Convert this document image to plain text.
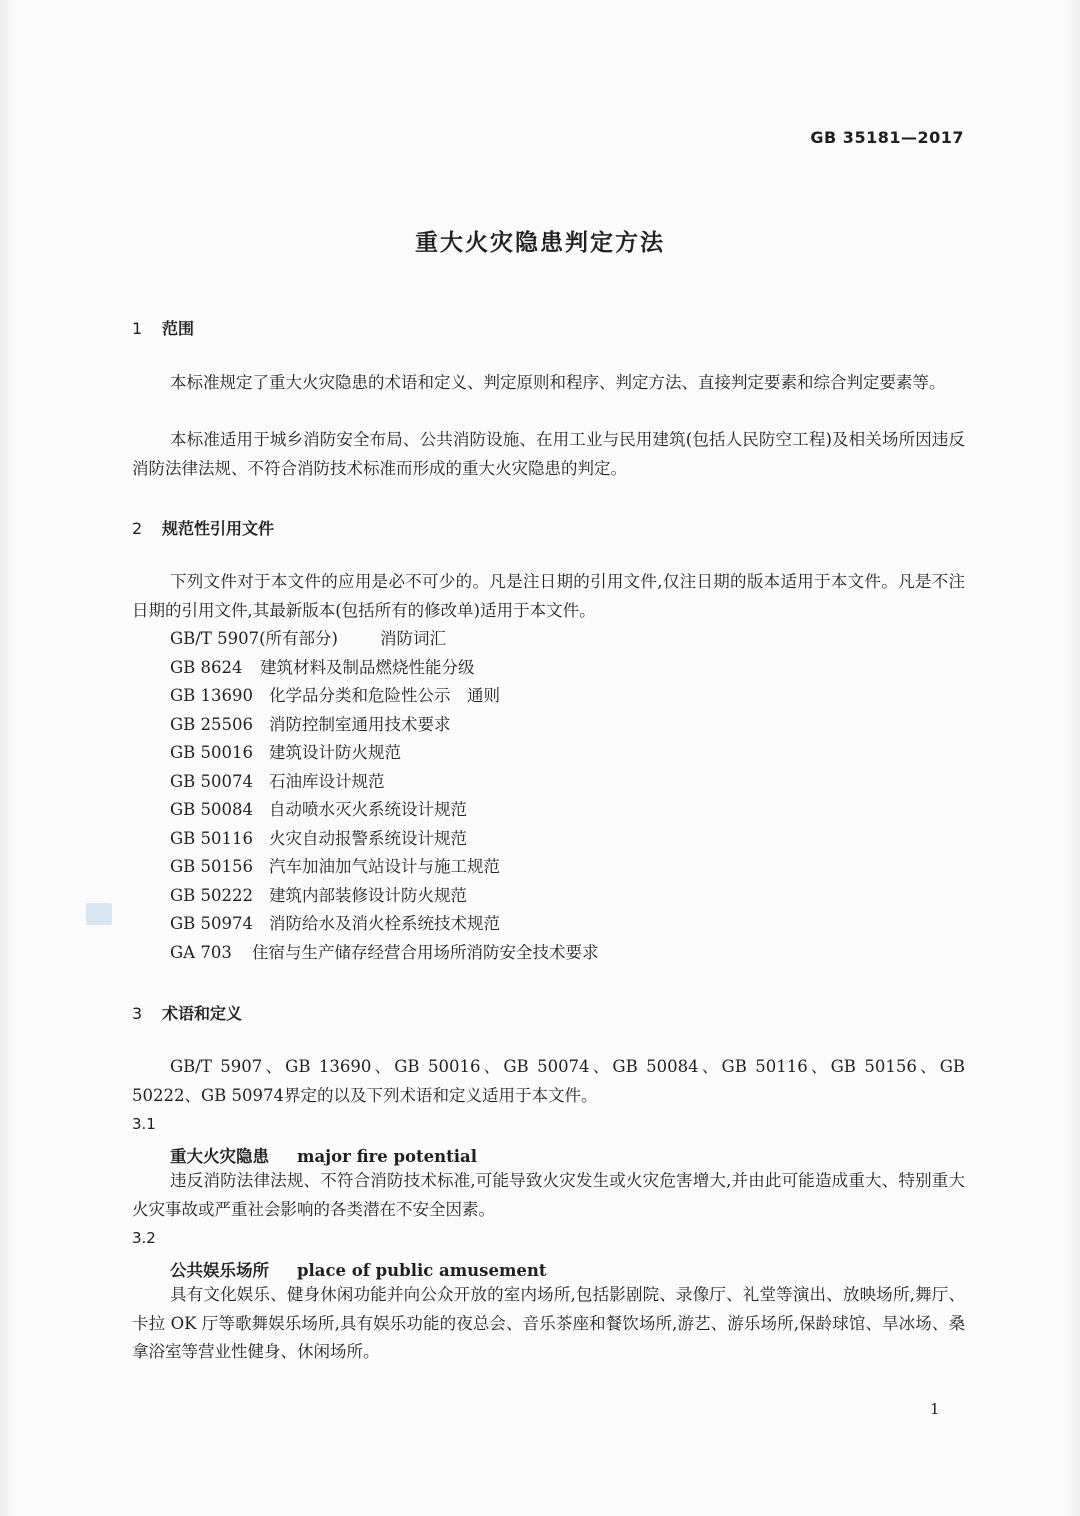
GB 35181—2017
重大火灾隐患判定方法
1 范围

本标准规定了重大火灾隐患的术语和定义、判定原则和程序、判定方法、直接判定要素和综合判定要素等。

本标准适用于城乡消防安全布局、公共消防设施、在用工业与民用建筑(包括人民防空工程)及相关场所因违反消防法律法规、不符合消防技术标准而形成的重大火灾隐患的判定。

2 规范性引用文件

下列文件对于本文件的应用是必不可少的。凡是注日期的引用文件,仅注日期的版本适用于本文件。凡是不注日期的引用文件,其最新版本(包括所有的修改单)适用于本文件。

GB/T 5907(所有部分)	消防词汇
GB 8624 建筑材料及制品燃烧性能分级
GB 13690 化学品分类和危险性公示　通则
GB 25506 消防控制室通用技术要求
GB 50016 建筑设计防火规范
GB 50074 石油库设计规范
GB 50084 自动喷水灭火系统设计规范
GB 50116 火灾自动报警系统设计规范
GB 50156 汽车加油加气站设计与施工规范
GB 50222 建筑内部装修设计防火规范
GB 50974 消防给水及消火栓系统技术规范
GA 703 住宿与生产储存经营合用场所消防安全技术要求
3 术语和定义

GB/T 5907、GB 13690、GB 50016、GB 50074、GB 50084、GB 50116、GB 50156、GB 50222、GB 50974界定的以及下列术语和定义适用于本文件。

3.1
重大火灾隐患 major fire potential

违反消防法律法规、不符合消防技术标准,可能导致火灾发生或火灾危害增大,并由此可能造成重大、特别重大火灾事故或严重社会影响的各类潜在不安全因素。

3.2
公共娱乐场所 place of public amusement

具有文化娱乐、健身休闲功能并向公众开放的室内场所,包括影剧院、录像厅、礼堂等演出、放映场所,舞厅、卡拉 OK 厅等歌舞娱乐场所,具有娱乐功能的夜总会、音乐茶座和餐饮场所,游艺、游乐场所,保龄球馆、旱冰场、桑拿浴室等营业性健身、休闲场所。

1
